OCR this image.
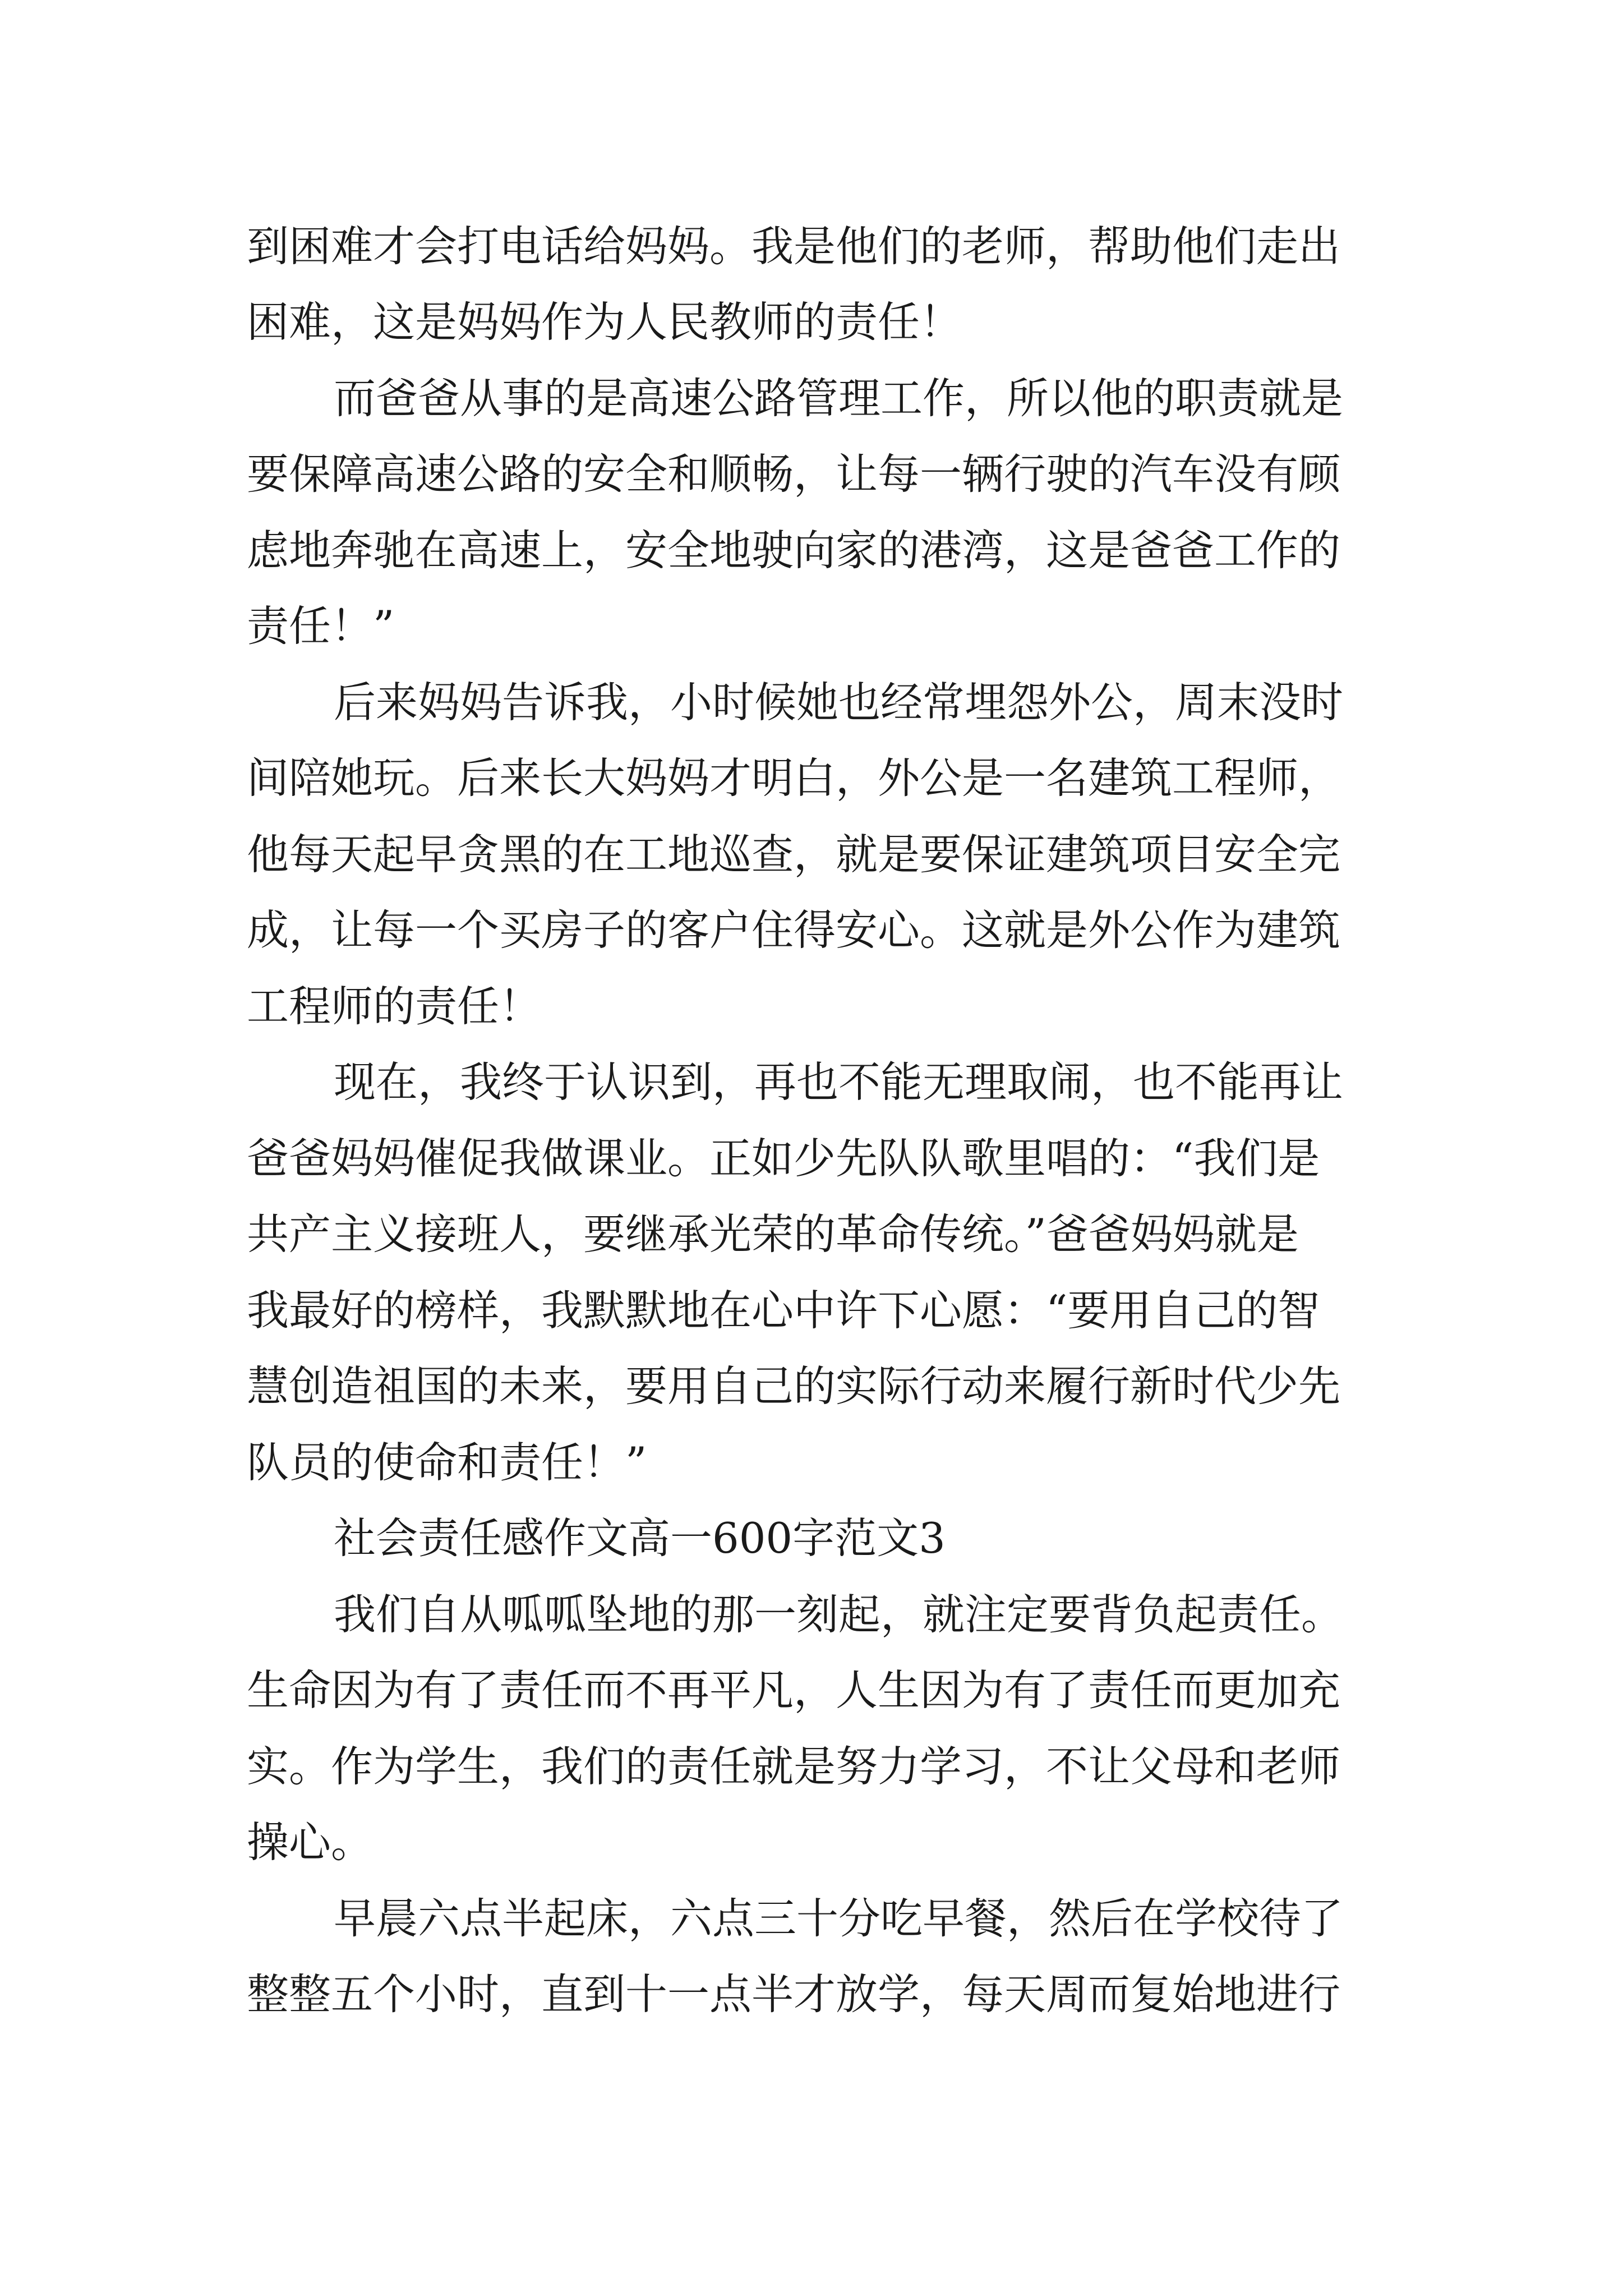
到困难才会打电话给妈妈。我是他们的老师，帮助他们走出
困难，这是妈妈作为人民教师的责任！
而爸爸从事的是高速公路管理工作，所以他的职责就是
要保障高速公路的安全和顺畅，让每一辆行驶的汽车没有顾
虑地奔驰在高速上，安全地驶向家的港湾，这是爸爸工作的
责任！”
后来妈妈告诉我，小时候她也经常埋怨外公，周末没时
间陪她玩。后来长大妈妈才明白，外公是一名建筑工程师，
他每天起早贪黑的在工地巡查，就是要保证建筑项目安全完
成，让每一个买房子的客户住得安心。这就是外公作为建筑
工程师的责任！
现在，我终于认识到，再也不能无理取闹，也不能再让
爸爸妈妈催促我做课业。正如少先队队歌里唱的：“我们是
共产主义接班人，要继承光荣的革命传统。”爸爸妈妈就是
我最好的榜样，我默默地在心中许下心愿：“要用自己的智
慧创造祖国的未来，要用自己的实际行动来履行新时代少先
队员的使命和责任！”
社会责任感作文高一600字范文3
我们自从呱呱坠地的那一刻起，就注定要背负起责任。
生命因为有了责任而不再平凡，人生因为有了责任而更加充
实。作为学生，我们的责任就是努力学习，不让父母和老师
操心。
早晨六点半起床，六点三十分吃早餐，然后在学校待了
整整五个小时，直到十一点半才放学，每天周而复始地进行
